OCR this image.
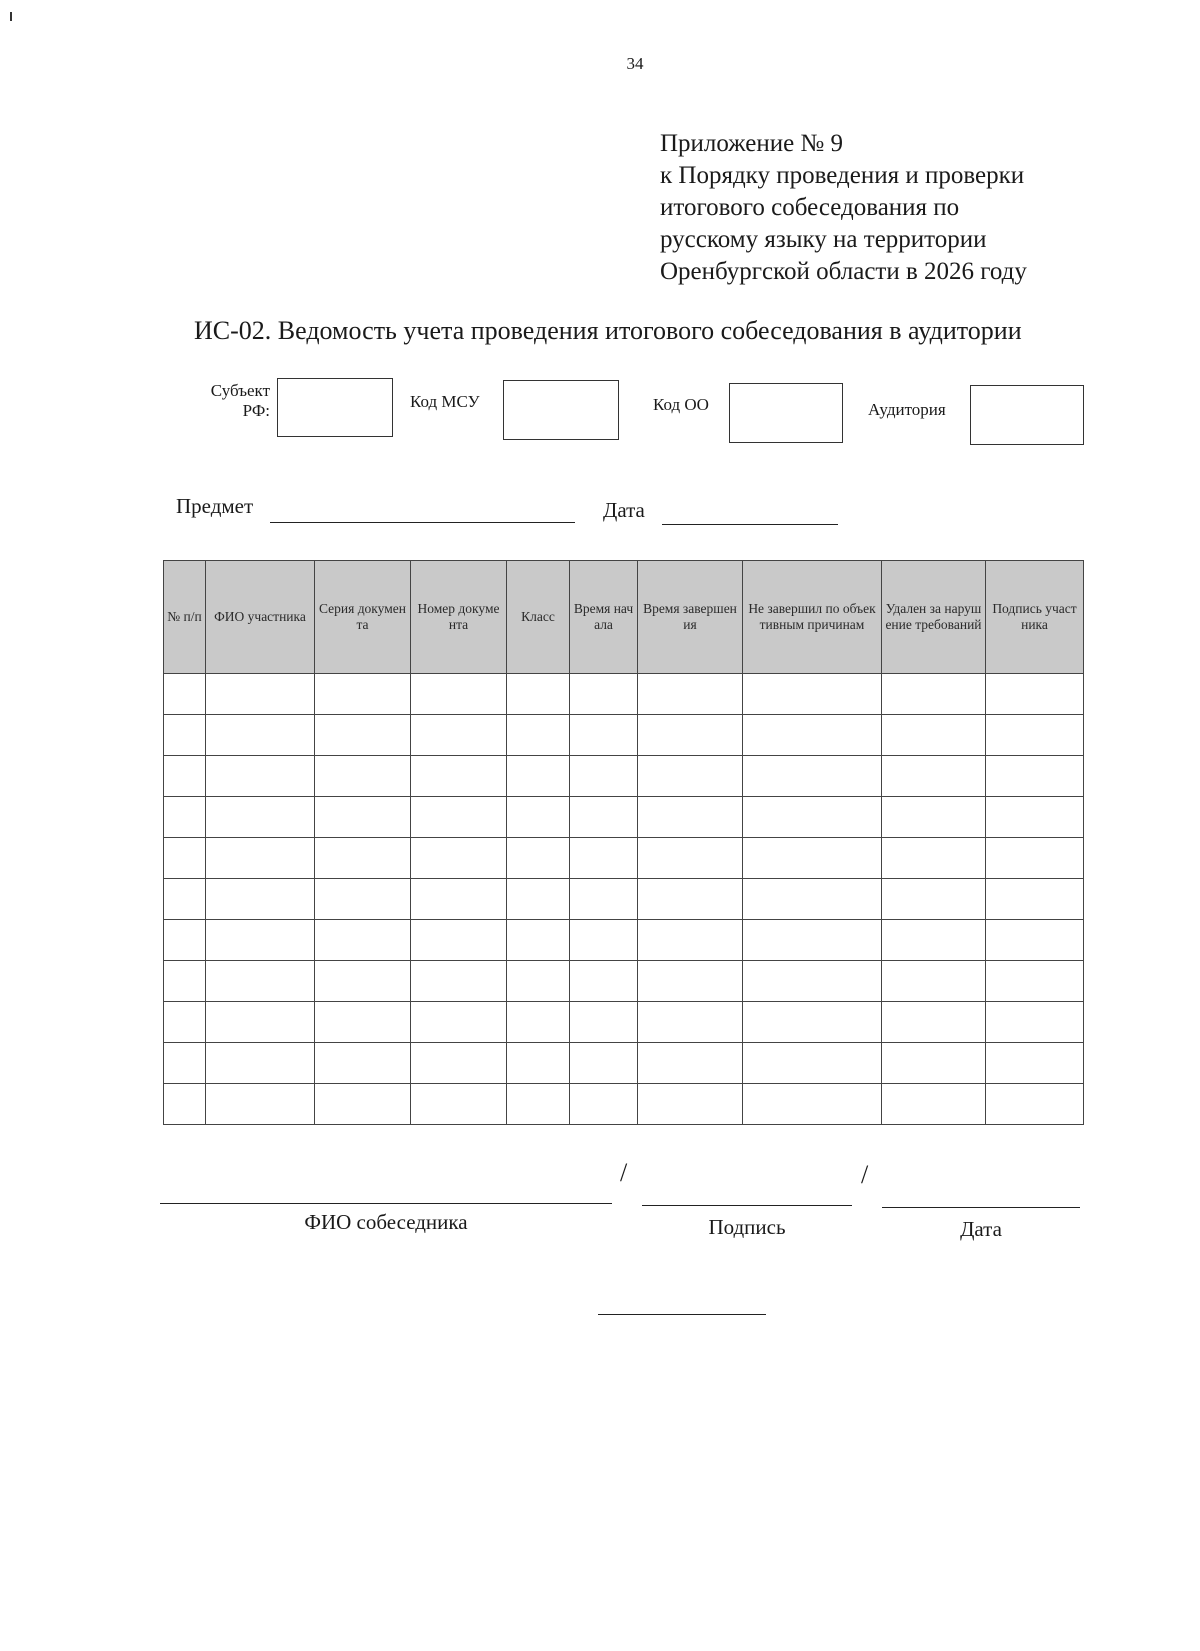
34
Приложение № 9
к Порядку проведения и проверки
итогового собеседования по
русскому языку на территории
Оренбургской области в 2026 году
ИС-02. Ведомость учета проведения итогового собеседования в аудитории
Субъект
РФ:	Код МСУ	Код ОО	Аудитория
Предмет	Дата
№ п/п	ФИО участника	Серия документа	Номер документа	Класс	Время начала	Время завершения	Не завершил по объективным причинам	Удален за нарушение требований	Подпись участника

/	/
ФИО собеседника	Подпись	Дата
